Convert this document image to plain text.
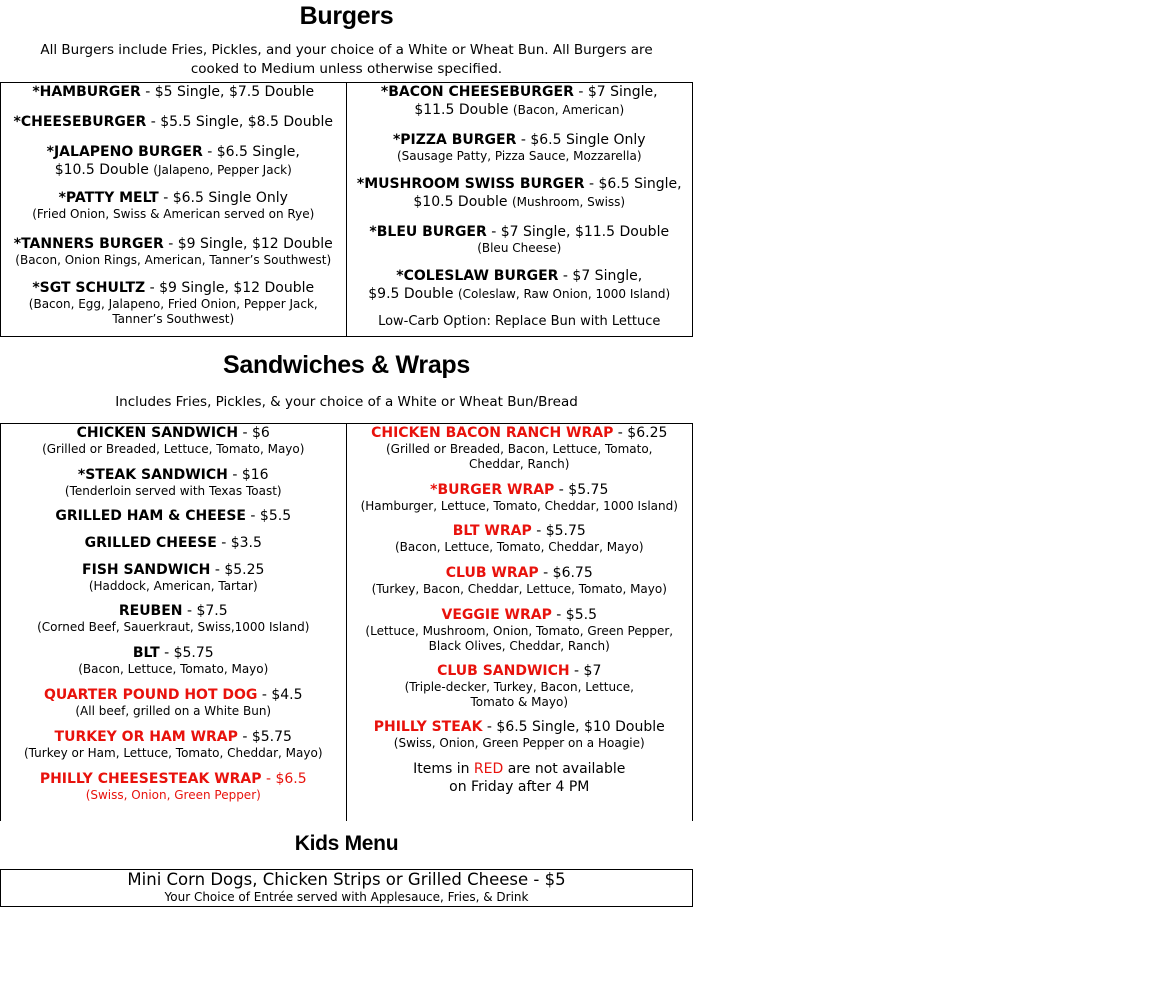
Burgers
All Burgers include Fries, Pickles, and your choice of a White or Wheat Bun. All Burgers are
cooked to Medium unless otherwise specified.
*HAMBURGER - $5 Single, $7.5 Double
*CHEESEBURGER - $5.5 Single, $8.5 Double
*JALAPENO BURGER - $6.5 Single,
$10.5 Double (Jalapeno, Pepper Jack)
*PATTY MELT - $6.5 Single Only
(Fried Onion, Swiss & American served on Rye)
*TANNERS BURGER - $9 Single, $12 Double
(Bacon, Onion Rings, American, Tanner’s Southwest)
*SGT SCHULTZ - $9 Single, $12 Double
(Bacon, Egg, Jalapeno, Fried Onion, Pepper Jack,
Tanner’s Southwest)
*BACON CHEESEBURGER - $7 Single,
$11.5 Double (Bacon, American)
*PIZZA BURGER - $6.5 Single Only
(Sausage Patty, Pizza Sauce, Mozzarella)
*MUSHROOM SWISS BURGER - $6.5 Single,
$10.5 Double (Mushroom, Swiss)
*BLEU BURGER - $7 Single, $11.5 Double
(Bleu Cheese)
*COLESLAW BURGER - $7 Single,
$9.5 Double (Coleslaw, Raw Onion, 1000 Island)
Low-Carb Option: Replace Bun with Lettuce
Sandwiches & Wraps
Includes Fries, Pickles, & your choice of a White or Wheat Bun/Bread
CHICKEN SANDWICH - $6
(Grilled or Breaded, Lettuce, Tomato, Mayo)
*STEAK SANDWICH - $16
(Tenderloin served with Texas Toast)
GRILLED HAM & CHEESE - $5.5
GRILLED CHEESE - $3.5
FISH SANDWICH - $5.25
(Haddock, American, Tartar)
REUBEN - $7.5
(Corned Beef, Sauerkraut, Swiss,1000 Island)
BLT - $5.75
(Bacon, Lettuce, Tomato, Mayo)
QUARTER POUND HOT DOG - $4.5
(All beef, grilled on a White Bun)
TURKEY OR HAM WRAP - $5.75
(Turkey or Ham, Lettuce, Tomato, Cheddar, Mayo)
PHILLY CHEESESTEAK WRAP - $6.5
(Swiss, Onion, Green Pepper)
CHICKEN BACON RANCH WRAP - $6.25
(Grilled or Breaded, Bacon, Lettuce, Tomato,
Cheddar, Ranch)
*BURGER WRAP - $5.75
(Hamburger, Lettuce, Tomato, Cheddar, 1000 Island)
BLT WRAP - $5.75
(Bacon, Lettuce, Tomato, Cheddar, Mayo)
CLUB WRAP - $6.75
(Turkey, Bacon, Cheddar, Lettuce, Tomato, Mayo)
VEGGIE WRAP - $5.5
(Lettuce, Mushroom, Onion, Tomato, Green Pepper,
Black Olives, Cheddar, Ranch)
CLUB SANDWICH - $7
(Triple-decker, Turkey, Bacon, Lettuce,
Tomato & Mayo)
PHILLY STEAK - $6.5 Single, $10 Double
(Swiss, Onion, Green Pepper on a Hoagie)
Items in RED are not available
on Friday after 4 PM
Kids Menu
Mini Corn Dogs, Chicken Strips or Grilled Cheese - $5
Your Choice of Entrée served with Applesauce, Fries, & Drink
